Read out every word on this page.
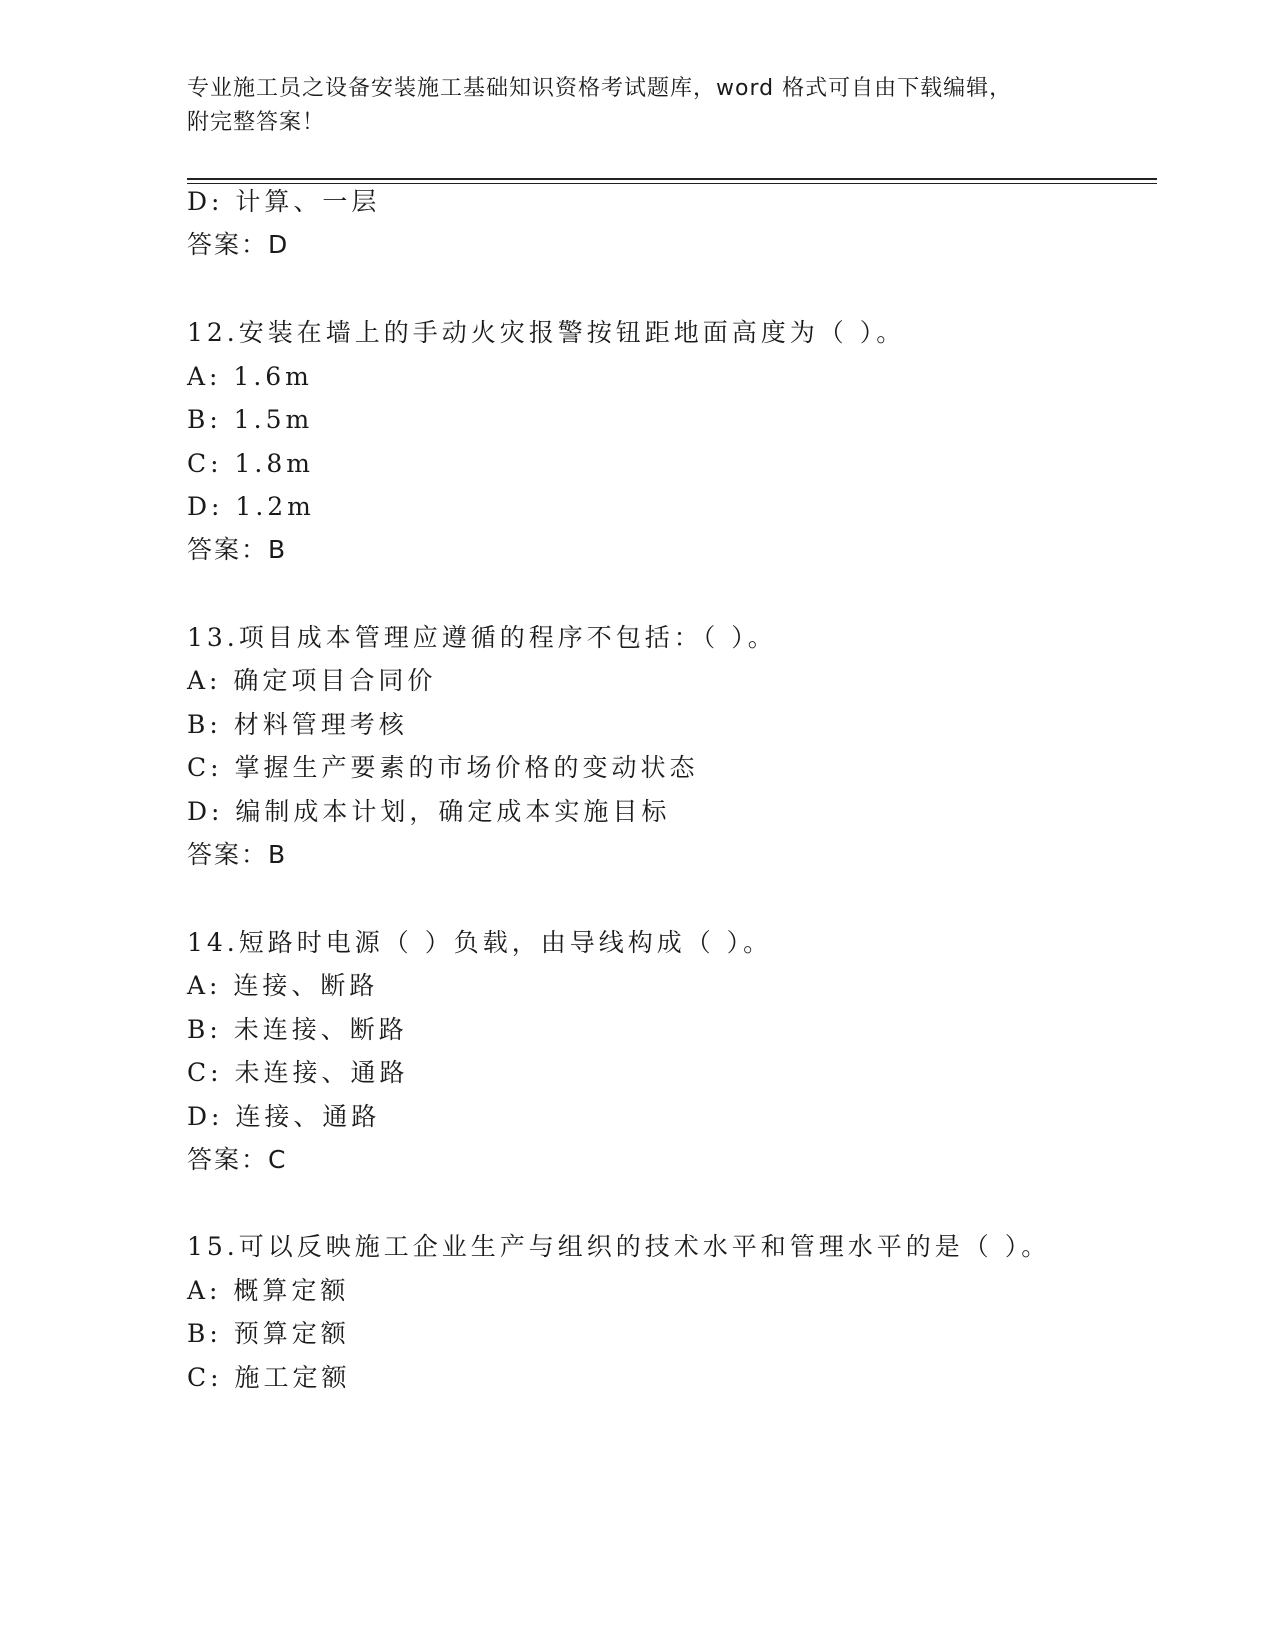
专业施工员之设备安装施工基础知识资格考试题库，word 格式可自由下载编辑，
附完整答案！
D: 计算、一层
答案：D
12.安装在墙上的手动火灾报警按钮距地面高度为（ ）。
A: 1.6m
B: 1.5m
C: 1.8m
D: 1.2m
答案：B
13.项目成本管理应遵循的程序不包括：（ ）。
A: 确定项目合同价
B: 材料管理考核
C: 掌握生产要素的市场价格的变动状态
D: 编制成本计划，确定成本实施目标
答案：B
14.短路时电源（ ）负载，由导线构成（ ）。
A: 连接、断路
B: 未连接、断路
C: 未连接、通路
D: 连接、通路
答案：C
15.可以反映施工企业生产与组织的技术水平和管理水平的是（ ）。
A: 概算定额
B: 预算定额
C: 施工定额
